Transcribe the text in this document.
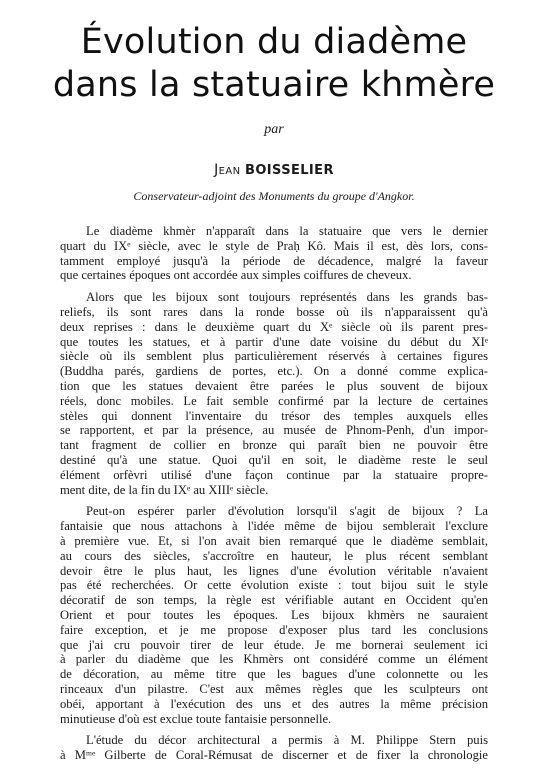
Évolution du diadème
dans la statuaire khmère
par
Jean BOISSELIER
Conservateur-adjoint des Monuments du groupe d'Angkor.
Le diadème khmèr n'apparaît dans la statuaire que vers le dernier
quart du IXᵉ siècle, avec le style de Praḥ Kô. Mais il est, dès lors, cons-
tamment employé jusqu'à la période de décadence, malgré la faveur
que certaines époques ont accordée aux simples coiffures de cheveux.
Alors que les bijoux sont toujours représentés dans les grands bas-
reliefs, ils sont rares dans la ronde bosse où ils n'apparaissent qu'à
deux reprises : dans le deuxième quart du Xᵉ siècle où ils parent pres-
que toutes les statues, et à partir d'une date voisine du début du XIᵉ
siècle où ils semblent plus particulièrement réservés à certaines figures
(Buddha parés, gardiens de portes, etc.). On a donné comme explica-
tion que les statues devaient être parées le plus souvent de bijoux
réels, donc mobiles. Le fait semble confirmé par la lecture de certaines
stèles qui donnent l'inventaire du trésor des temples auxquels elles
se rapportent, et par la présence, au musée de Phnom-Penh, d'un impor-
tant fragment de collier en bronze qui paraît bien ne pouvoir être
destiné qu'à une statue. Quoi qu'il en soit, le diadème reste le seul
élément orfèvri utilisé d'une façon continue par la statuaire propre-
ment dite, de la fin du IXᵉ au XIIIᵉ siècle.
Peut-on espérer parler d'évolution lorsqu'il s'agit de bijoux ? La
fantaisie que nous attachons à l'idée même de bijou semblerait l'exclure
à première vue. Et, si l'on avait bien remarqué que le diadème semblait,
au cours des siècles, s'accroître en hauteur, le plus récent semblant
devoir être le plus haut, les lignes d'une évolution véritable n'avaient
pas été recherchées. Or cette évolution existe : tout bijou suit le style
décoratif de son temps, la règle est vérifiable autant en Occident qu'en
Orient et pour toutes les époques. Les bijoux khmèrs ne sauraient
faire exception, et je me propose d'exposer plus tard les conclusions
que j'ai cru pouvoir tirer de leur étude. Je me bornerai seulement ici
à parler du diadème que les Khmèrs ont considéré comme un élément
de décoration, au même titre que les bagues d'une colonnette ou les
rinceaux d'un pilastre. C'est aux mêmes règles que les sculpteurs ont
obéi, apportant à l'exécution des uns et des autres la même précision
minutieuse d'où est exclue toute fantaisie personnelle.
L'étude du décor architectural a permis à M. Philippe Stern puis
à Mᵐᵉ Gilberte de Coral-Rémusat de discerner et de fixer la chronologie
